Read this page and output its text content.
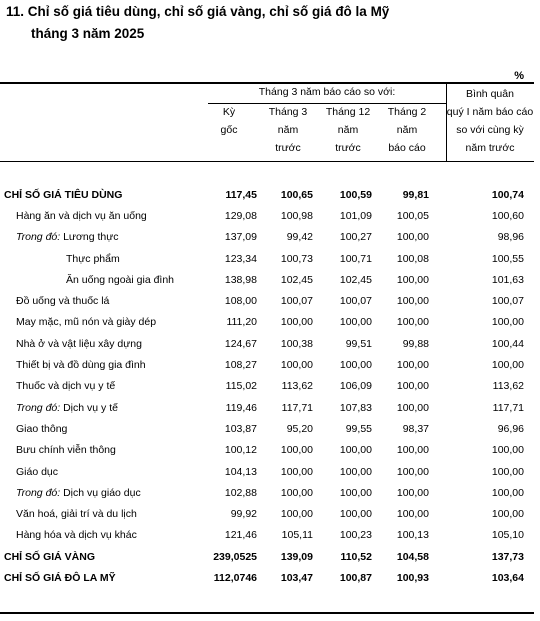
11. Chỉ số giá tiêu dùng, chỉ số giá vàng, chỉ số giá đô la Mỹ
tháng 3 năm 2025
%
Tháng 3 năm báo cáo so với:
Kỳ
gốc
Tháng 3
năm
trước
Tháng 12
năm
trước
Tháng 2
năm
báo cáo
Bình quân
quý I năm báo cáo
so với cùng kỳ
năm trước
CHỈ SỐ GIÁ TIÊU DÙNG	117,45	100,65	100,59	99,81	100,74
Hàng ăn và dịch vụ ăn uống	129,08	100,98	101,09	100,05	100,60
Trong đó: Lương thực	137,09	99,42	100,27	100,00	98,96
Thực phẩm	123,34	100,73	100,71	100,08	100,55
Ăn uống ngoài gia đình	138,98	102,45	102,45	100,00	101,63
Đồ uống và thuốc lá	108,00	100,07	100,07	100,00	100,07
May mặc, mũ nón và giày dép	111,20	100,00	100,00	100,00	100,00
Nhà ở và vật liệu xây dựng	124,67	100,38	99,51	99,88	100,44
Thiết bị và đồ dùng gia đình	108,27	100,00	100,00	100,00	100,00
Thuốc và dịch vụ y tế	115,02	113,62	106,09	100,00	113,62
Trong đó: Dịch vụ y tế	119,46	117,71	107,83	100,00	117,71
Giao thông	103,87	95,20	99,55	98,37	96,96
Bưu chính viễn thông	100,12	100,00	100,00	100,00	100,00
Giáo dục	104,13	100,00	100,00	100,00	100,00
Trong đó: Dịch vụ giáo dục	102,88	100,00	100,00	100,00	100,00
Văn hoá, giải trí và du lịch	99,92	100,00	100,00	100,00	100,00
Hàng hóa và dịch vụ khác	121,46	105,11	100,23	100,13	105,10
CHỈ SỐ GIÁ VÀNG	239,0525	139,09	110,52	104,58	137,73
CHỈ SỐ GIÁ ĐÔ LA MỸ	112,0746	103,47	100,87	100,93	103,64
